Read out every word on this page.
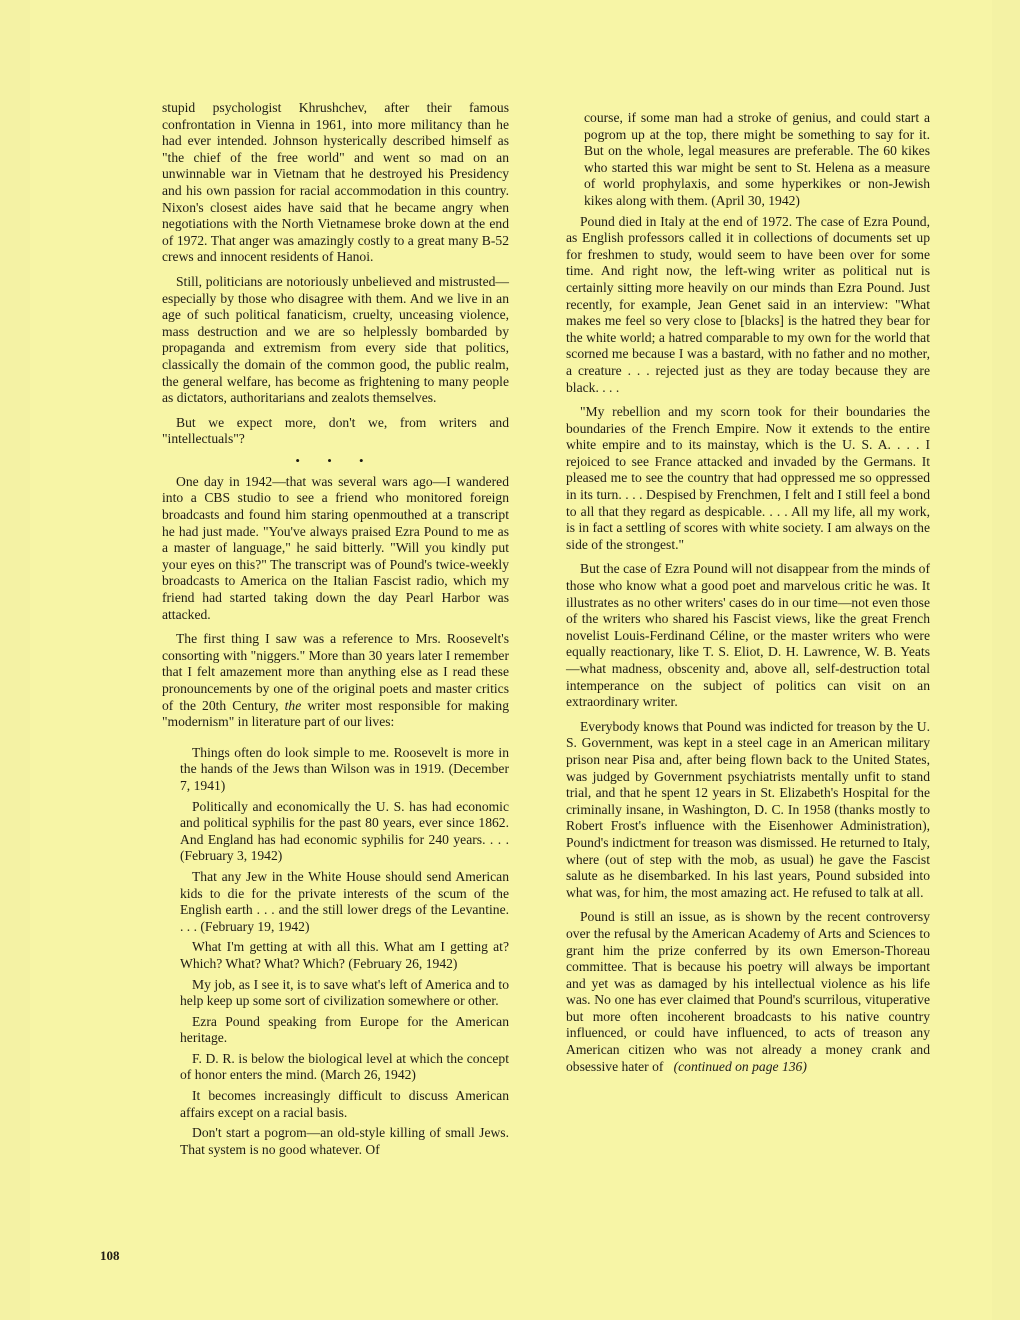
stupid psychologist Khrushchev, after their famous confrontation in Vienna in 1961, into more militancy than he had ever intended. Johnson hysterically described himself as "the chief of the free world" and went so mad on an unwinnable war in Vietnam that he destroyed his Presidency and his own passion for racial accommodation in this country. Nixon's closest aides have said that he became angry when negotiations with the North Vietnamese broke down at the end of 1972. That anger was amazingly costly to a great many B-52 crews and innocent residents of Hanoi.

Still, politicians are notoriously unbelieved and mistrusted—especially by those who disagree with them. And we live in an age of such political fanaticism, cruelty, unceasing violence, mass destruction and we are so helplessly bombarded by propaganda and extremism from every side that politics, classically the domain of the common good, the public realm, the general welfare, has become as frightening to many people as dictators, authoritarians and zealots themselves.

But we expect more, don't we, from writers and "intellectuals"?

• • •

One day in 1942—that was several wars ago—I wandered into a CBS studio to see a friend who monitored foreign broadcasts and found him staring openmouthed at a transcript he had just made. "You've always praised Ezra Pound to me as a master of language," he said bitterly. "Will you kindly put your eyes on this?" The transcript was of Pound's twice-weekly broadcasts to America on the Italian Fascist radio, which my friend had started taking down the day Pearl Harbor was attacked.

The first thing I saw was a reference to Mrs. Roosevelt's consorting with "niggers." More than 30 years later I remember that I felt amazement more than anything else as I read these pronouncements by one of the original poets and master critics of the 20th Century, the writer most responsible for making "modernism" in literature part of our lives:

Things often do look simple to me. Roosevelt is more in the hands of the Jews than Wilson was in 1919. (December 7, 1941)

Politically and economically the U. S. has had economic and political syphilis for the past 80 years, ever since 1862. And England has had economic syphilis for 240 years. . . . (February 3, 1942)

That any Jew in the White House should send American kids to die for the private interests of the scum of the English earth . . . and the still lower dregs of the Levantine. . . . (February 19, 1942)

What I'm getting at with all this. What am I getting at? Which? What? What? Which? (February 26, 1942)

My job, as I see it, is to save what's left of America and to help keep up some sort of civilization somewhere or other.

Ezra Pound speaking from Europe for the American heritage.

F. D. R. is below the biological level at which the concept of honor enters the mind. (March 26, 1942)

It becomes increasingly difficult to discuss American affairs except on a racial basis.

Don't start a pogrom—an old-style killing of small Jews. That system is no good whatever. Of

course, if some man had a stroke of genius, and could start a pogrom up at the top, there might be something to say for it. But on the whole, legal measures are preferable. The 60 kikes who started this war might be sent to St. Helena as a measure of world prophylaxis, and some hyperkikes or non-Jewish kikes along with them. (April 30, 1942)

Pound died in Italy at the end of 1972. The case of Ezra Pound, as English professors called it in collections of documents set up for freshmen to study, would seem to have been over for some time. And right now, the left-wing writer as political nut is certainly sitting more heavily on our minds than Ezra Pound. Just recently, for example, Jean Genet said in an interview: "What makes me feel so very close to [blacks] is the hatred they bear for the white world; a hatred comparable to my own for the world that scorned me because I was a bastard, with no father and no mother, a creature . . . rejected just as they are today because they are black. . . .

"My rebellion and my scorn took for their boundaries the boundaries of the French Empire. Now it extends to the entire white empire and to its mainstay, which is the U. S. A. . . . I rejoiced to see France attacked and invaded by the Germans. It pleased me to see the country that had oppressed me so oppressed in its turn. . . . Despised by Frenchmen, I felt and I still feel a bond to all that they regard as despicable. . . . All my life, all my work, is in fact a settling of scores with white society. I am always on the side of the strongest."

But the case of Ezra Pound will not disappear from the minds of those who know what a good poet and marvelous critic he was. It illustrates as no other writers' cases do in our time—not even those of the writers who shared his Fascist views, like the great French novelist Louis-Ferdinand Céline, or the master writers who were equally reactionary, like T. S. Eliot, D. H. Lawrence, W. B. Yeats—what madness, obscenity and, above all, self-destruction total intemperance on the subject of politics can visit on an extraordinary writer.

Everybody knows that Pound was indicted for treason by the U. S. Government, was kept in a steel cage in an American military prison near Pisa and, after being flown back to the United States, was judged by Government psychiatrists mentally unfit to stand trial, and that he spent 12 years in St. Elizabeth's Hospital for the criminally insane, in Washington, D. C. In 1958 (thanks mostly to Robert Frost's influence with the Eisenhower Administration), Pound's indictment for treason was dismissed. He returned to Italy, where (out of step with the mob, as usual) he gave the Fascist salute as he disembarked. In his last years, Pound subsided into what was, for him, the most amazing act. He refused to talk at all.

Pound is still an issue, as is shown by the recent controversy over the refusal by the American Academy of Arts and Sciences to grant him the prize conferred by its own Emerson-Thoreau committee. That is because his poetry will always be important and yet was as damaged by his intellectual violence as his life was. No one has ever claimed that Pound's scurrilous, vituperative but more often incoherent broadcasts to his native country influenced, or could have influenced, to acts of treason any American citizen who was not already a money crank and obsessive hater of (continued on page 136)

108
